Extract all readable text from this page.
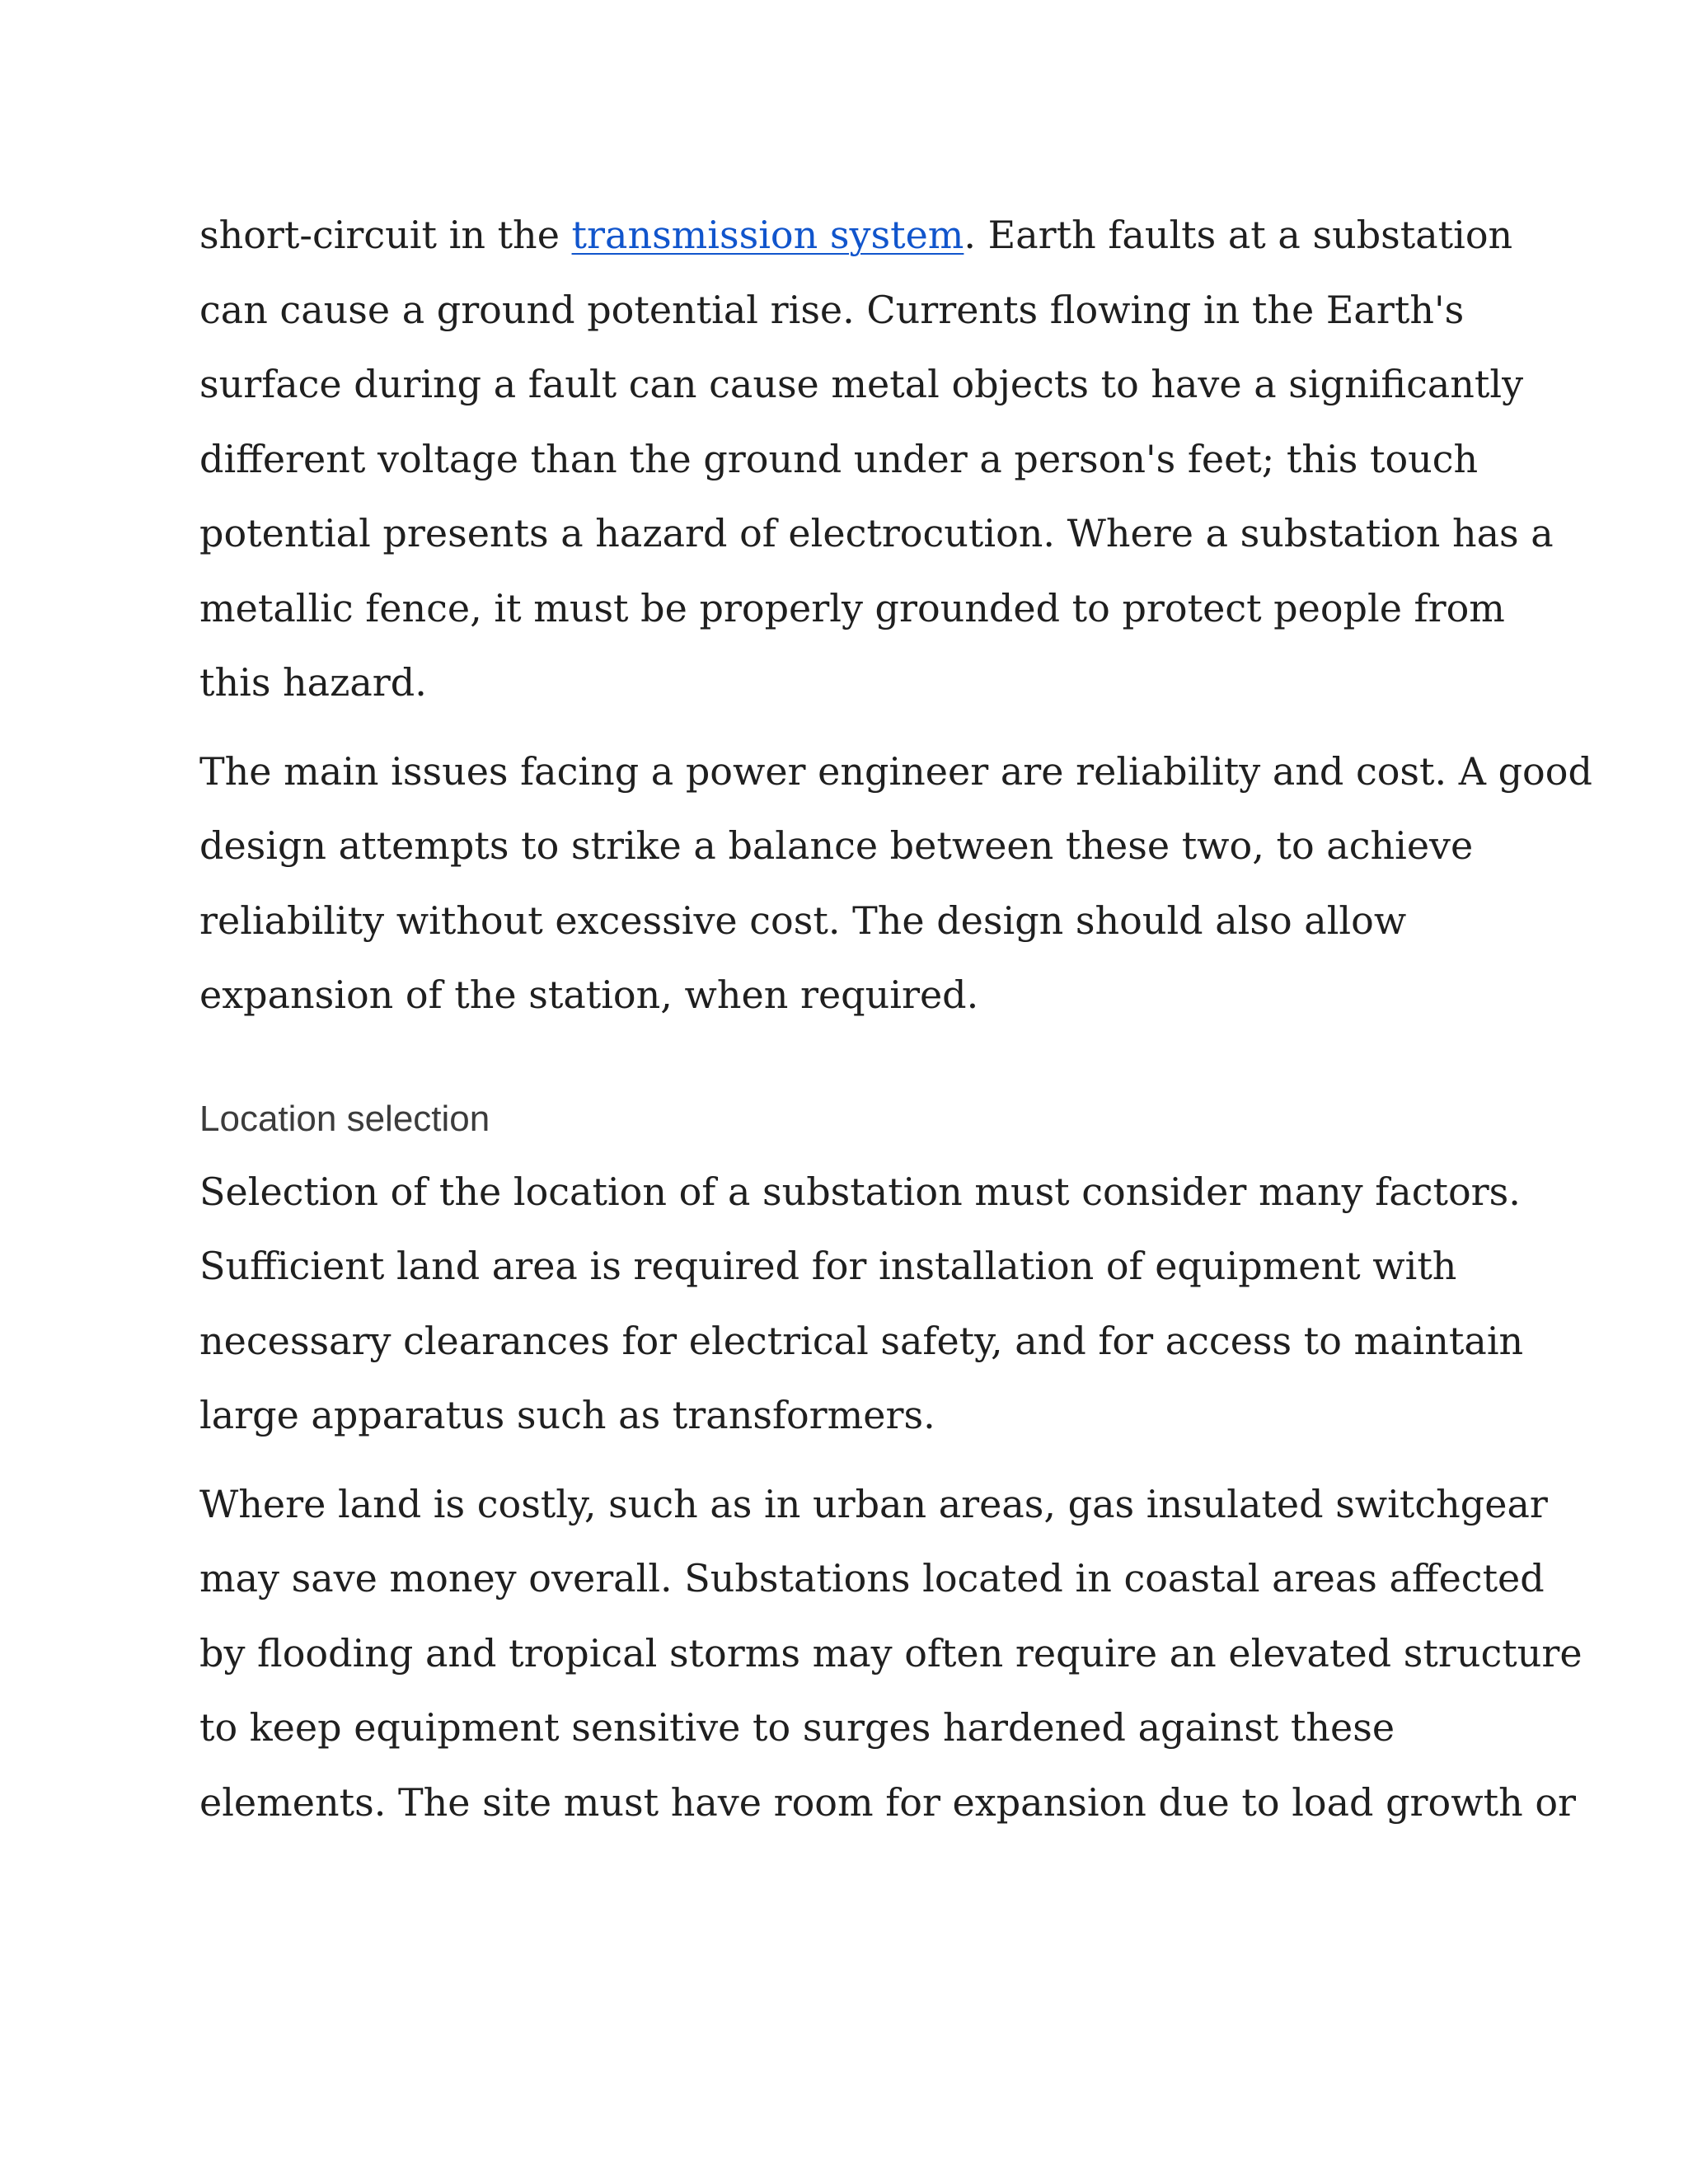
short-circuit in the transmission system. Earth faults at a substation
can cause a ground potential rise. Currents flowing in the Earth's
surface during a fault can cause metal objects to have a significantly
different voltage than the ground under a person's feet; this touch
potential presents a hazard of electrocution. Where a substation has a
metallic fence, it must be properly grounded to protect people from
this hazard.

The main issues facing a power engineer are reliability and cost. A good
design attempts to strike a balance between these two, to achieve
reliability without excessive cost. The design should also allow
expansion of the station, when required.

Location selection

Selection of the location of a substation must consider many factors.
Sufficient land area is required for installation of equipment with
necessary clearances for electrical safety, and for access to maintain
large apparatus such as transformers.

Where land is costly, such as in urban areas, gas insulated switchgear
may save money overall. Substations located in coastal areas affected
by flooding and tropical storms may often require an elevated structure
to keep equipment sensitive to surges hardened against these
elements. The site must have room for expansion due to load growth or
